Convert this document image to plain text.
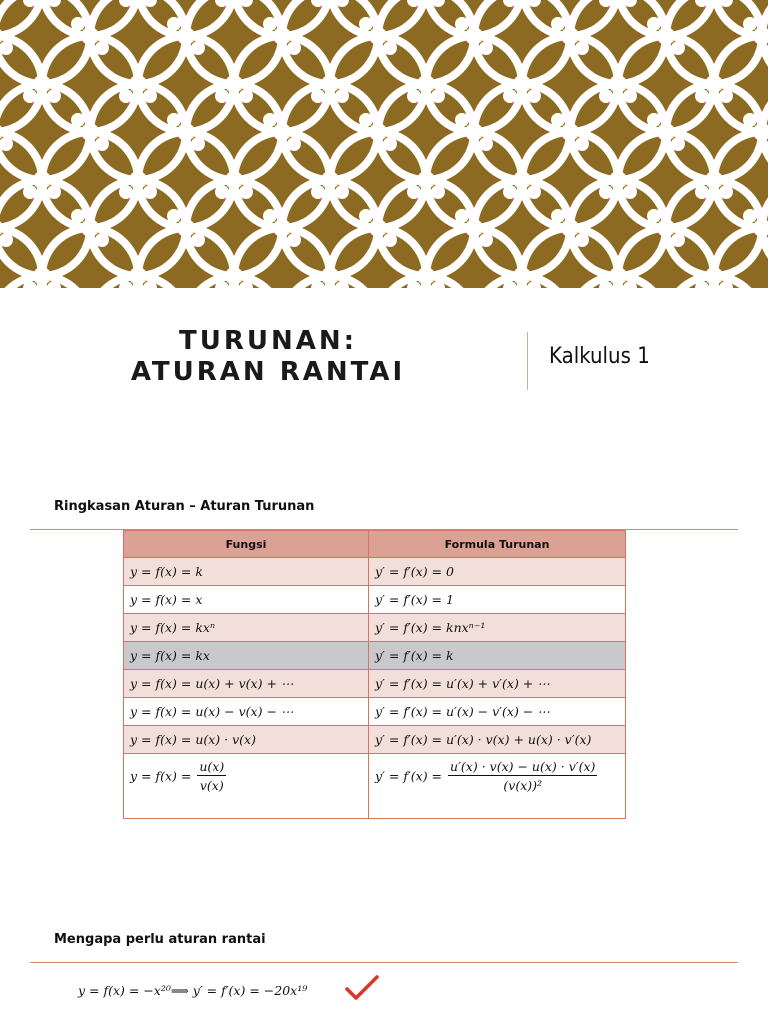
TURUNAN:
ATURAN RANTAI
Kalkulus 1
Ringkasan Aturan – Aturan Turunan
Fungsi	Formula Turunan
y = f(x) = k	y′ = f′(x) = 0
y = f(x) = x	y′ = f′(x) = 1
y = f(x) = kxⁿ	y′ = f′(x) = knxⁿ⁻¹
y = f(x) = kx	y′ = f′(x) = k
y = f(x) = u(x) + v(x) + ⋯	y′ = f′(x) = u′(x) + v′(x) + ⋯
y = f(x) = u(x) − v(x) − ⋯	y′ = f′(x) = u′(x) − v′(x) − ⋯
y = f(x) = u(x) · v(x)	y′ = f′(x) = u′(x) · v(x) + u(x) · v′(x)
$y = f(x) = \frac{u(x)}{v(x)}$	$y' = f'(x) = \frac{u'(x) \cdot v(x) - u(x) \cdot v'(x)}{\text{(v(x))²}}$
Mengapa perlu aturan rantai
y = f(x) = −x²⁰⟹ y′ = f′(x) = −20x¹⁹
